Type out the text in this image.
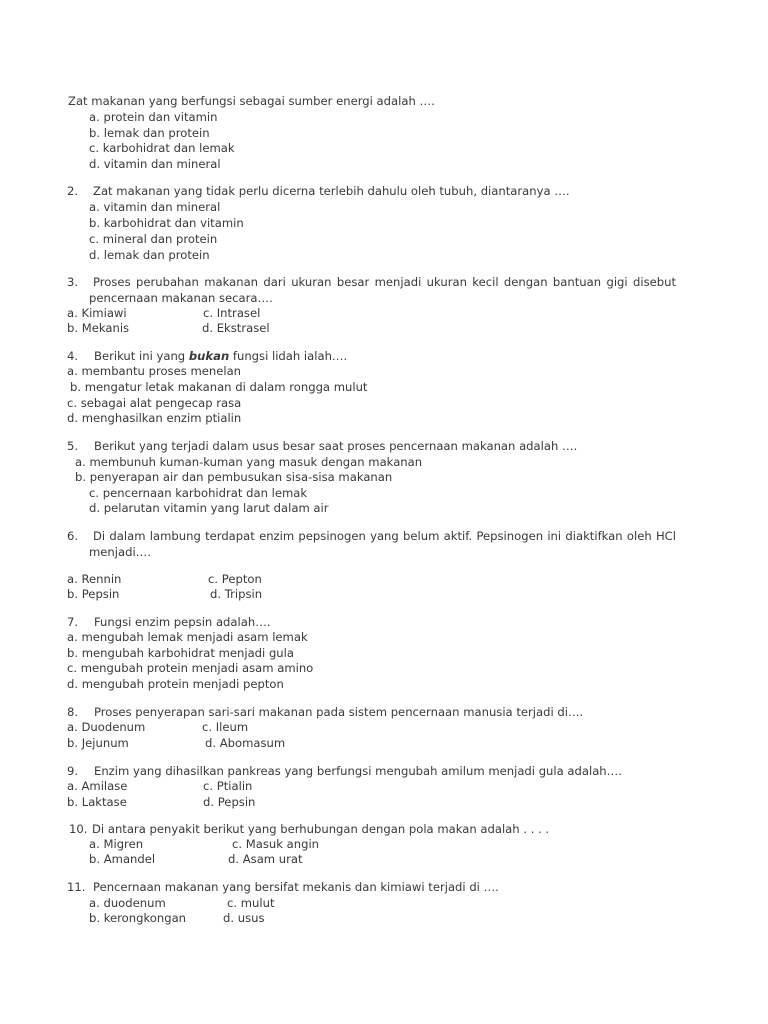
Zat makanan yang berfungsi sebagai sumber energi adalah ….
a. protein dan vitamin
b. lemak dan protein
c. karbohidrat dan lemak
d. vitamin dan mineral
2. Zat makanan yang tidak perlu dicerna terlebih dahulu oleh tubuh, diantaranya ….
a. vitamin dan mineral
b. karbohidrat dan vitamin
c. mineral dan protein
d. lemak dan protein
3. Proses perubahan makanan dari ukuran besar menjadi ukuran kecil dengan bantuan gigi disebut
pencernaan makanan secara….
a. Kimiawi	c. Intrasel
b. Mekanis	d. Ekstrasel
4. Berikut ini yang bukan fungsi lidah ialah….
a. membantu proses menelan
b. mengatur letak makanan di dalam rongga mulut
c. sebagai alat pengecap rasa
d. menghasilkan enzim ptialin
5. Berikut yang terjadi dalam usus besar saat proses pencernaan makanan adalah ….
a. membunuh kuman-kuman yang masuk dengan makanan
b. penyerapan air dan pembusukan sisa-sisa makanan
c. pencernaan karbohidrat dan lemak
d. pelarutan vitamin yang larut dalam air
6. Di dalam lambung terdapat enzim pepsinogen yang belum aktif. Pepsinogen ini diaktifkan oleh HCl
menjadi….
a. Rennin	c. Pepton
b. Pepsin	d. Tripsin
7. Fungsi enzim pepsin adalah….
a. mengubah lemak menjadi asam lemak
b. mengubah karbohidrat menjadi gula
c. mengubah protein menjadi asam amino
d. mengubah protein menjadi pepton
8. Proses penyerapan sari-sari makanan pada sistem pencernaan manusia terjadi di….
a. Duodenum	c. Ileum
b. Jejunum	d. Abomasum
9. Enzim yang dihasilkan pankreas yang berfungsi mengubah amilum menjadi gula adalah….
a. Amilase	c. Ptialin
b. Laktase	d. Pepsin
10. Di antara penyakit berikut yang berhubungan dengan pola makan adalah . . . .
a. Migren	c. Masuk angin
b. Amandel	d. Asam urat
11. Pencernaan makanan yang bersifat mekanis dan kimiawi terjadi di ….
a. duodenum	c. mulut
b. kerongkongan	d. usus
